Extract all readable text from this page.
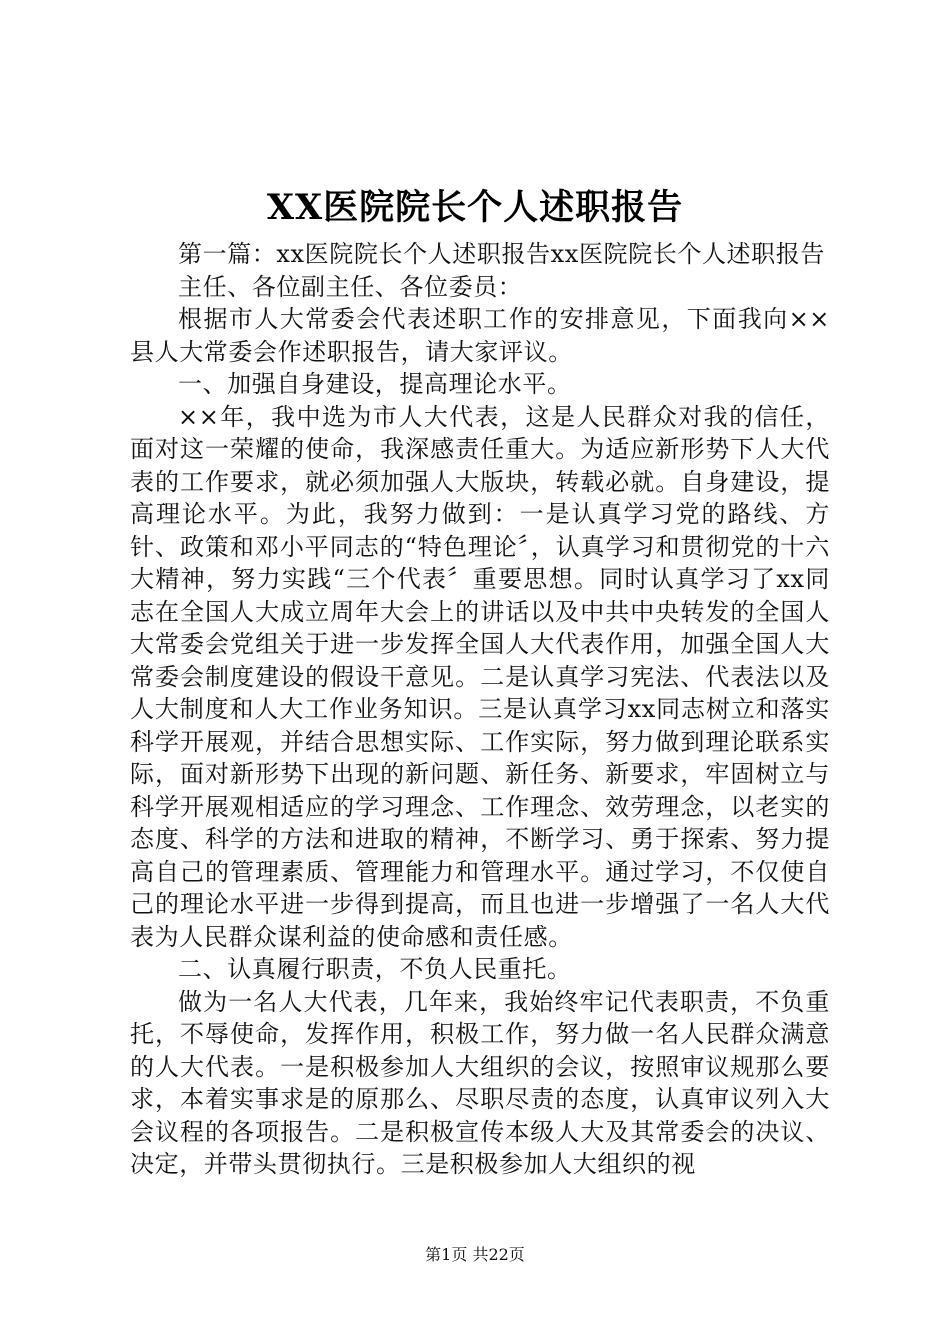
XX医院院长个人述职报告

第一篇：xx医院院长个人述职报告xx医院院长个人述职报告

主任、各位副主任、各位委员：

根据市人大常委会代表述职工作的安排意见，下面我向××县人大常委会作述职报告，请大家评议。

一、加强自身建设，提高理论水平。

××年，我中选为市人大代表，这是人民群众对我的信任，面对这一荣耀的使命，我深感责任重大。为适应新形势下人大代表的工作要求，就必须加强人大版块，转载必就。自身建设，提高理论水平。为此，我努力做到：一是认真学习党的路线、方针、政策和邓小平同志的“特色理论〞，认真学习和贯彻党的十六大精神，努力实践“三个代表〞重要思想。同时认真学习了xx同志在全国人大成立周年大会上的讲话以及中共中央转发的全国人大常委会党组关于进一步发挥全国人大代表作用，加强全国人大常委会制度建设的假设干意见。二是认真学习宪法、代表法以及人大制度和人大工作业务知识。三是认真学习xx同志树立和落实科学开展观，并结合思想实际、工作实际，努力做到理论联系实际，面对新形势下出现的新问题、新任务、新要求，牢固树立与科学开展观相适应的学习理念、工作理念、效劳理念，以老实的态度、科学的方法和进取的精神，不断学习、勇于探索、努力提高自己的管理素质、管理能力和管理水平。通过学习，不仅使自己的理论水平进一步得到提高，而且也进一步增强了一名人大代表为人民群众谋利益的使命感和责任感。

二、认真履行职责，不负人民重托。

做为一名人大代表，几年来，我始终牢记代表职责，不负重托，不辱使命，发挥作用，积极工作，努力做一名人民群众满意的人大代表。一是积极参加人大组织的会议，按照审议规那么要求，本着实事求是的原那么、尽职尽责的态度，认真审议列入大会议程的各项报告。二是积极宣传本级人大及其常委会的决议、决定，并带头贯彻执行。三是积极参加人大组织的视

第1页 共22页
